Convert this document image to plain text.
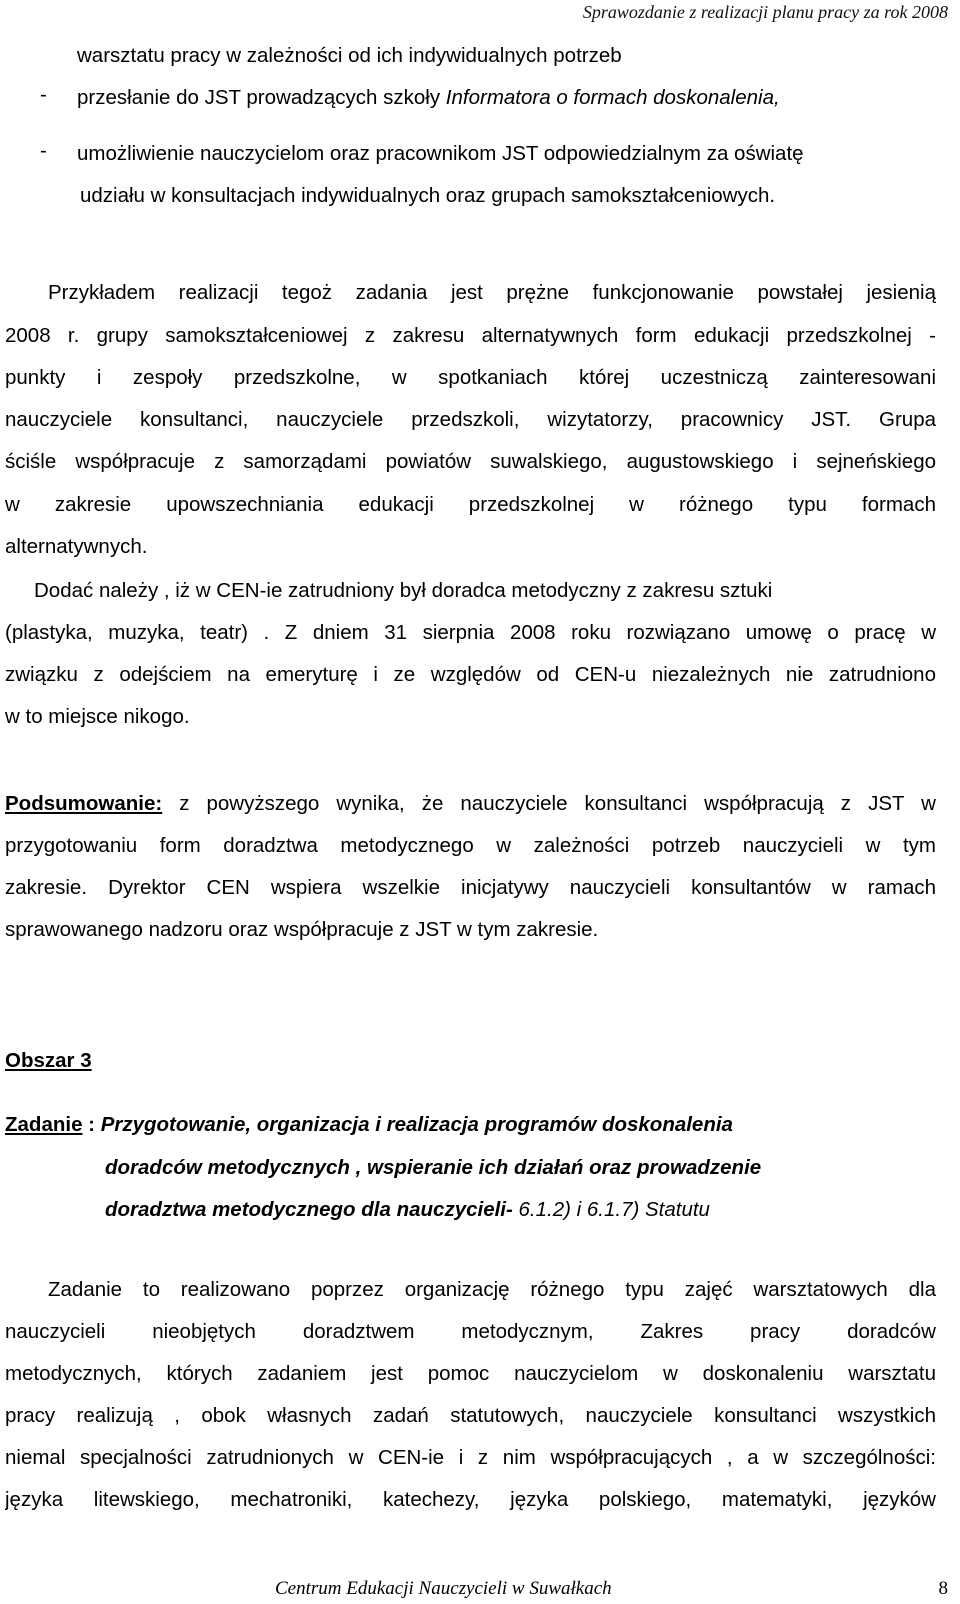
Sprawozdanie z realizacji planu pracy za rok 2008
warsztatu pracy w zależności od ich indywidualnych potrzeb
- przesłanie do JST prowadzących szkoły Informatora o formach doskonalenia,
- umożliwienie nauczycielom oraz pracownikom JST odpowiedzialnym za oświatę
udziału w konsultacjach indywidualnych oraz grupach samokształceniowych.
Przykładem realizacji tegoż zadania jest prężne funkcjonowanie powstałej jesienią
2008 r. grupy samokształceniowej z zakresu alternatywnych form edukacji przedszkolnej -
punkty i zespoły przedszkolne, w spotkaniach której uczestniczą zainteresowani
nauczyciele konsultanci, nauczyciele przedszkoli, wizytatorzy, pracownicy JST. Grupa
ściśle współpracuje z samorządami powiatów suwalskiego, augustowskiego i sejneńskiego
w zakresie upowszechniania edukacji przedszkolnej w różnego typu formach
alternatywnych.
Dodać należy , iż w CEN-ie zatrudniony był doradca metodyczny z zakresu sztuki
(plastyka, muzyka, teatr) . Z dniem 31 sierpnia 2008 roku rozwiązano umowę o pracę w
związku z odejściem na emeryturę i ze względów od CEN-u niezależnych nie zatrudniono
w to miejsce nikogo.
Podsumowanie: z powyższego wynika, że nauczyciele konsultanci współpracują z JST w
przygotowaniu form doradztwa metodycznego w zależności potrzeb nauczycieli w tym
zakresie. Dyrektor CEN wspiera wszelkie inicjatywy nauczycieli konsultantów w ramach
sprawowanego nadzoru oraz współpracuje z JST w tym zakresie.
Obszar 3
Zadanie : Przygotowanie, organizacja i realizacja programów doskonalenia
doradców metodycznych , wspieranie ich działań oraz prowadzenie
doradztwa metodycznego dla nauczycieli- 6.1.2) i 6.1.7) Statutu
Zadanie to realizowano poprzez organizację różnego typu zajęć warsztatowych dla
nauczycieli nieobjętych doradztwem metodycznym, Zakres pracy doradców
metodycznych, których zadaniem jest pomoc nauczycielom w doskonaleniu warsztatu
pracy realizują , obok własnych zadań statutowych, nauczyciele konsultanci wszystkich
niemal specjalności zatrudnionych w CEN-ie i z nim współpracujących , a w szczególności:
języka litewskiego, mechatroniki, katechezy, języka polskiego, matematyki, języków
Centrum Edukacji Nauczycieli w Suwałkach	8
